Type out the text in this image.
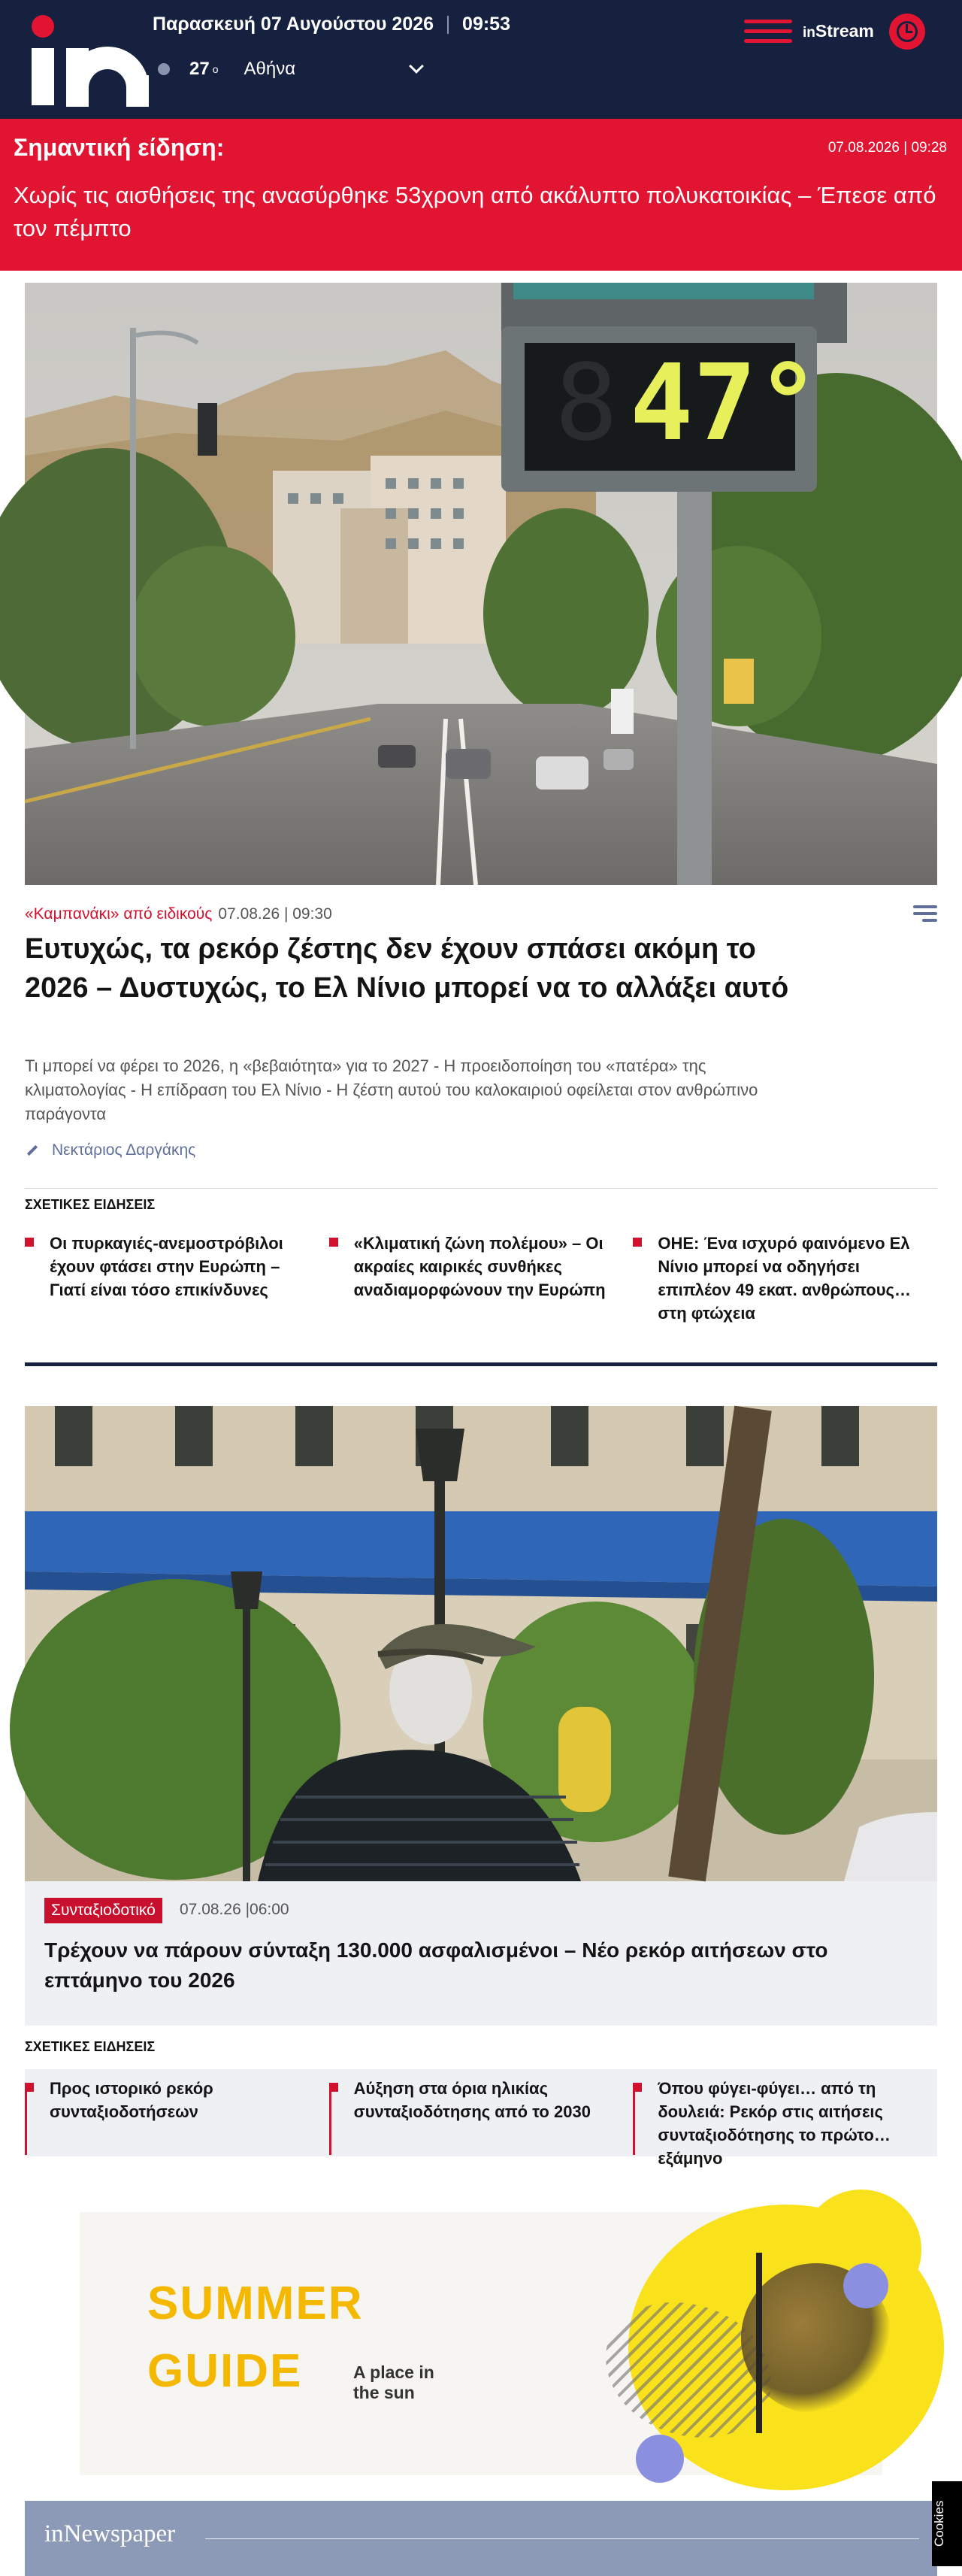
Παρασκευή 07 Αυγούστου 2026 09:53
27 o Αθήνα
inStream
Σημαντική είδηση:	07.08.2026 | 09:28
Χωρίς τις αισθήσεις της ανασύρθηκε 53χρονη από ακάλυπτο πολυκατοικίας – Έπεσε από τον πέμπτο
8 47°
«Καμπανάκι» από ειδικούς 07.08.26 | 09:30
Ευτυχώς, τα ρεκόρ ζέστης δεν έχουν σπάσει ακόμη το 2026 – Δυστυχώς, το Ελ Νίνιο μπορεί να το αλλάξει αυτό
Τι μπορεί να φέρει το 2026, η «βεβαιότητα» για το 2027 - Η προειδοποίηση του «πατέρα» της κλιματολογίας - Η επίδραση του Ελ Νίνιο - Η ζέστη αυτού του καλοκαιριού οφείλεται στον ανθρώπινο παράγοντα
Νεκτάριος Δαργάκης
ΣΧΕΤΙΚΕΣ ΕΙΔΗΣΕΙΣ
Οι πυρκαγιές-ανεμοστρόβιλοι έχουν φτάσει στην Ευρώπη – Γιατί είναι τόσο επικίνδυνες
«Κλιματική ζώνη πολέμου» – Οι ακραίες καιρικές συνθήκες αναδιαμορφώνουν την Ευρώπη
ΟΗΕ: Ένα ισχυρό φαινόμενο Ελ Νίνιο μπορεί να οδηγήσει επιπλέον 49 εκατ. ανθρώπους στη φτώχεια
Συνταξιοδοτικό	07.08.26 |06:00
Τρέχουν να πάρουν σύνταξη 130.000 ασφαλισμένοι – Νέο ρεκόρ αιτήσεων στο επτάμηνο του 2026
ΣΧΕΤΙΚΕΣ ΕΙΔΗΣΕΙΣ
Προς ιστορικό ρεκόρ συνταξιοδοτήσεων
Αύξηση στα όρια ηλικίας συνταξιοδότησης από το 2030
Όπου φύγει-φύγει… από τη δουλειά: Ρεκόρ στις αιτήσεις συνταξιοδότησης το πρώτο εξάμηνο
SUMMER
GUIDE	A place in
the sun
inNewspaper	Cookies
